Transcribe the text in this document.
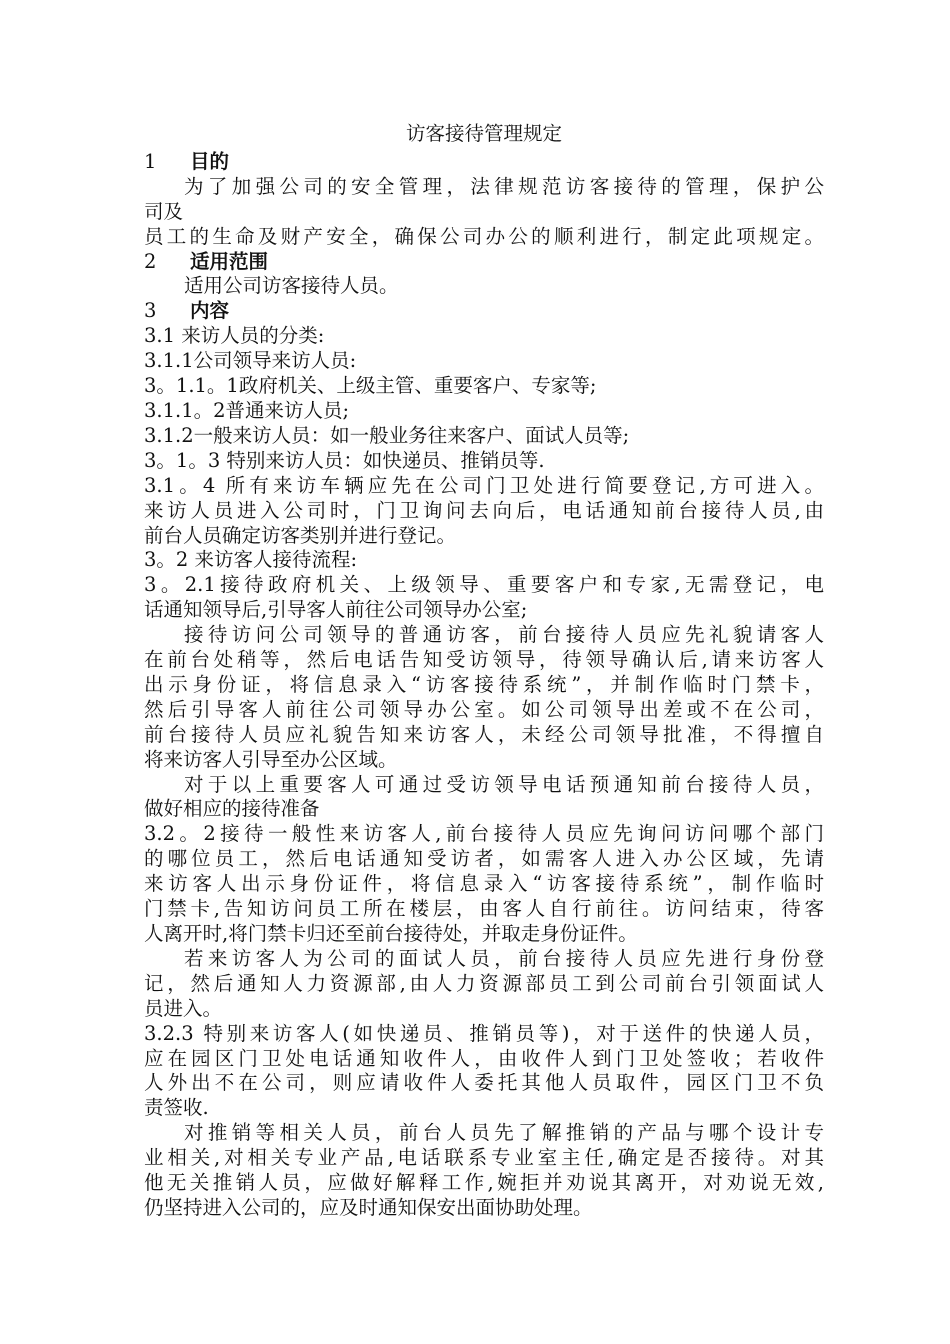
访客接待管理规定
1	目的
为了加强公司的安全管理，法律规范访客接待的管理，保护公
司及
员工的生命及财产安全，确保公司办公的顺利进行，制定此项规定。
2	适用范围
适用公司访客接待人员。
3	内容
3.1 来访人员的分类:
3.1.1公司领导来访人员:
3。1.1。1政府机关、上级主管、重要客户、专家等;
3.1.1。2普通来访人员;
3.1.2一般来访人员：如一般业务往来客户、面试人员等;
3。1。3 特别来访人员：如快递员、推销员等.
3.1。4 所有来访车辆应先在公司门卫处进行简要登记,方可进入。
来访人员进入公司时，门卫询问去向后，电话通知前台接待人员,由
前台人员确定访客类别并进行登记。
3。2 来访客人接待流程:
3。2.1接待政府机关、上级领导、重要客户和专家,无需登记，电
话通知领导后,引导客人前往公司领导办公室;
接待访问公司领导的普通访客，前台接待人员应先礼貌请客人
在前台处稍等，然后电话告知受访领导，待领导确认后,请来访客人
出示身份证，将信息录入“访客接待系统”，并制作临时门禁卡，
然后引导客人前往公司领导办公室。如公司领导出差或不在公司，
前台接待人员应礼貌告知来访客人，未经公司领导批准，不得擅自
将来访客人引导至办公区域。
对于以上重要客人可通过受访领导电话预通知前台接待人员，
做好相应的接待准备
3.2。2接待一般性来访客人,前台接待人员应先询问访问哪个部门
的哪位员工，然后电话通知受访者，如需客人进入办公区域，先请
来访客人出示身份证件，将信息录入“访客接待系统”，制作临时
门禁卡,告知访问员工所在楼层，由客人自行前往。访问结束，待客
人离开时,将门禁卡归还至前台接待处，并取走身份证件。
若来访客人为公司的面试人员，前台接待人员应先进行身份登
记，然后通知人力资源部,由人力资源部员工到公司前台引领面试人
员进入。
3.2.3 特别来访客人(如快递员、推销员等)，对于送件的快递人员，
应在园区门卫处电话通知收件人，由收件人到门卫处签收；若收件
人外出不在公司，则应请收件人委托其他人员取件，园区门卫不负
责签收.
对推销等相关人员，前台人员先了解推销的产品与哪个设计专
业相关,对相关专业产品,电话联系专业室主任,确定是否接待。对其
他无关推销人员，应做好解释工作,婉拒并劝说其离开，对劝说无效,
仍坚持进入公司的，应及时通知保安出面协助处理。
